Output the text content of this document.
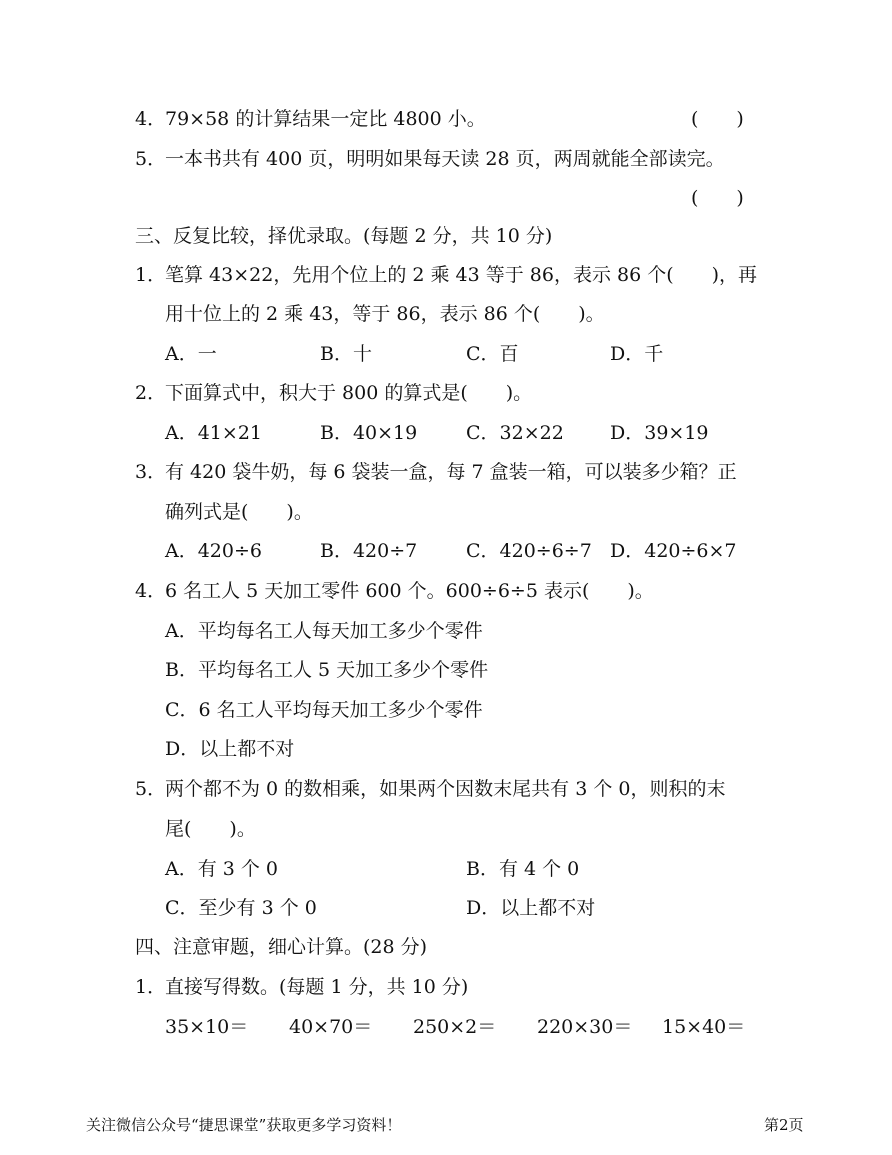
4．79×58 的计算结果一定比 4800 小。	(　　)
5．一本书共有 400 页，明明如果每天读 28 页，两周就能全部读完。
(　　)
三、反复比较，择优录取。(每题 2 分，共 10 分)
1．笔算 43×22，先用个位上的 2 乘 43 等于 86，表示 86 个(　　)，再
用十位上的 2 乘 43，等于 86，表示 86 个(　　)。
A．一	B．十	C．百	D．千
2．下面算式中，积大于 800 的算式是(　　)。
A．41×21	B．40×19	C．32×22 D．39×19
3．有 420 袋牛奶，每 6 袋装一盒，每 7 盒装一箱，可以装多少箱？正
确列式是(　　)。
A．420÷6	B．420÷7	C．420÷6÷7 D．420÷6×7
4．6 名工人 5 天加工零件 600 个。600÷6÷5 表示(　　)。
A．平均每名工人每天加工多少个零件
B．平均每名工人 5 天加工多少个零件
C．6 名工人平均每天加工多少个零件
D．以上都不对
5．两个都不为 0 的数相乘，如果两个因数末尾共有 3 个 0，则积的末
尾(　　)。
A．有 3 个 0	B．有 4 个 0
C．至少有 3 个 0	D．以上都不对
四、注意审题，细心计算。(28 分)
1．直接写得数。(每题 1 分，共 10 分)
35×10＝ 40×70＝ 250×2＝ 220×30＝ 15×40＝
关注微信公众号“捷思课堂”获取更多学习资料！	第2页
